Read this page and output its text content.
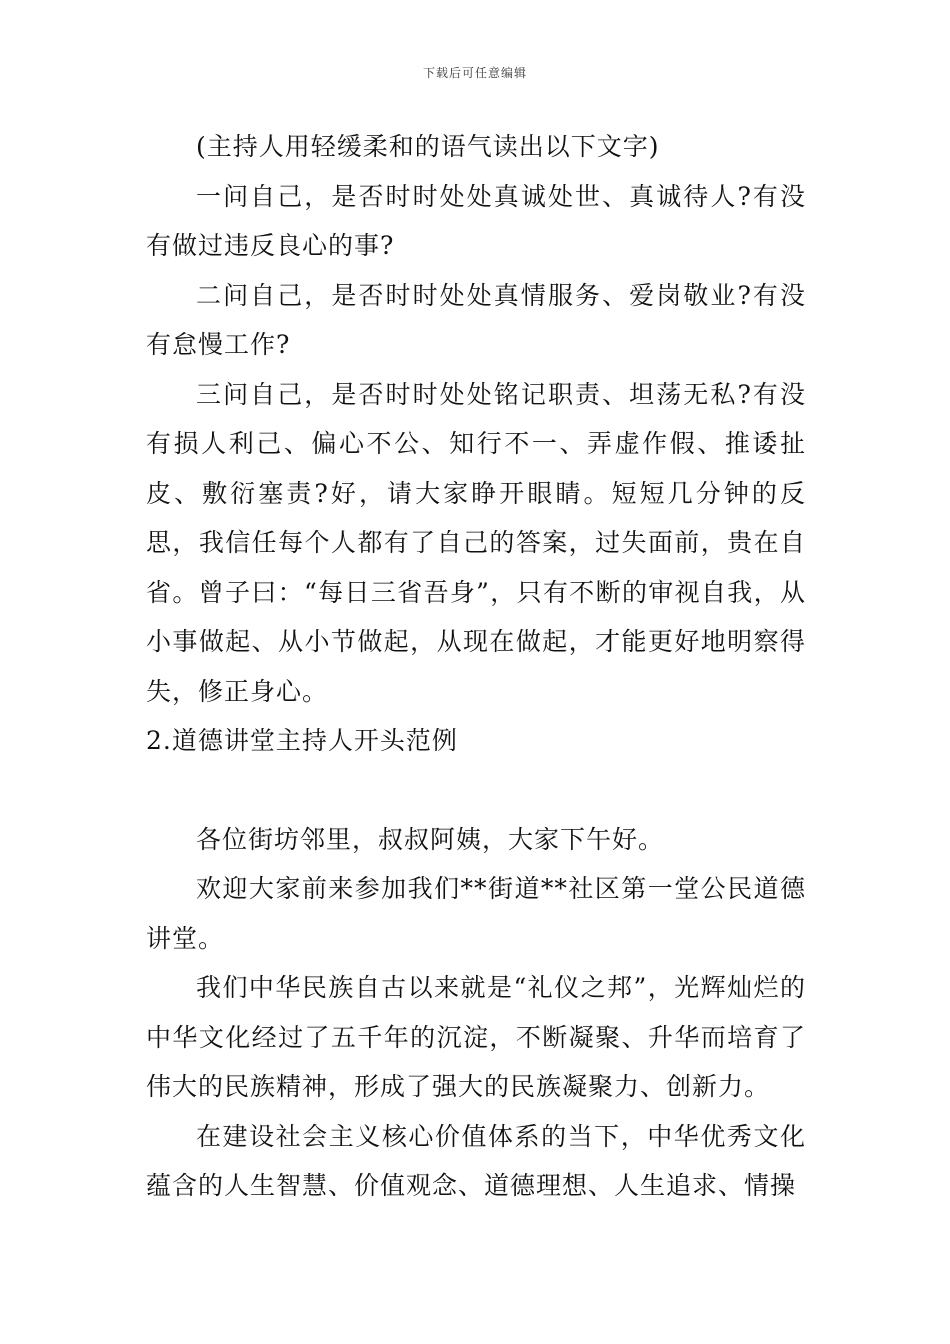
下载后可任意编辑

(主持人用轻缓柔和的语气读出以下文字)

一问自己，是否时时处处真诚处世、真诚待人?有没有做过违反良心的事?

二问自己，是否时时处处真情服务、爱岗敬业?有没有怠慢工作?

三问自己，是否时时处处铭记职责、坦荡无私?有没有损人利己、偏心不公、知行不一、弄虚作假、推诿扯皮、敷衍塞责?好，请大家睁开眼睛。短短几分钟的反思，我信任每个人都有了自己的答案，过失面前，贵在自省。曾子曰：“每日三省吾身”，只有不断的审视自我，从小事做起、从小节做起，从现在做起，才能更好地明察得失，修正身心。

2.道德讲堂主持人开头范例

各位街坊邻里，叔叔阿姨，大家下午好。

欢迎大家前来参加我们**街道**社区第一堂公民道德讲堂。

我们中华民族自古以来就是“礼仪之邦”，光辉灿烂的中华文化经过了五千年的沉淀，不断凝聚、升华而培育了伟大的民族精神，形成了强大的民族凝聚力、创新力。

在建设社会主义核心价值体系的当下，中华优秀文化蕴含的人生智慧、价值观念、道德理想、人生追求、情操
